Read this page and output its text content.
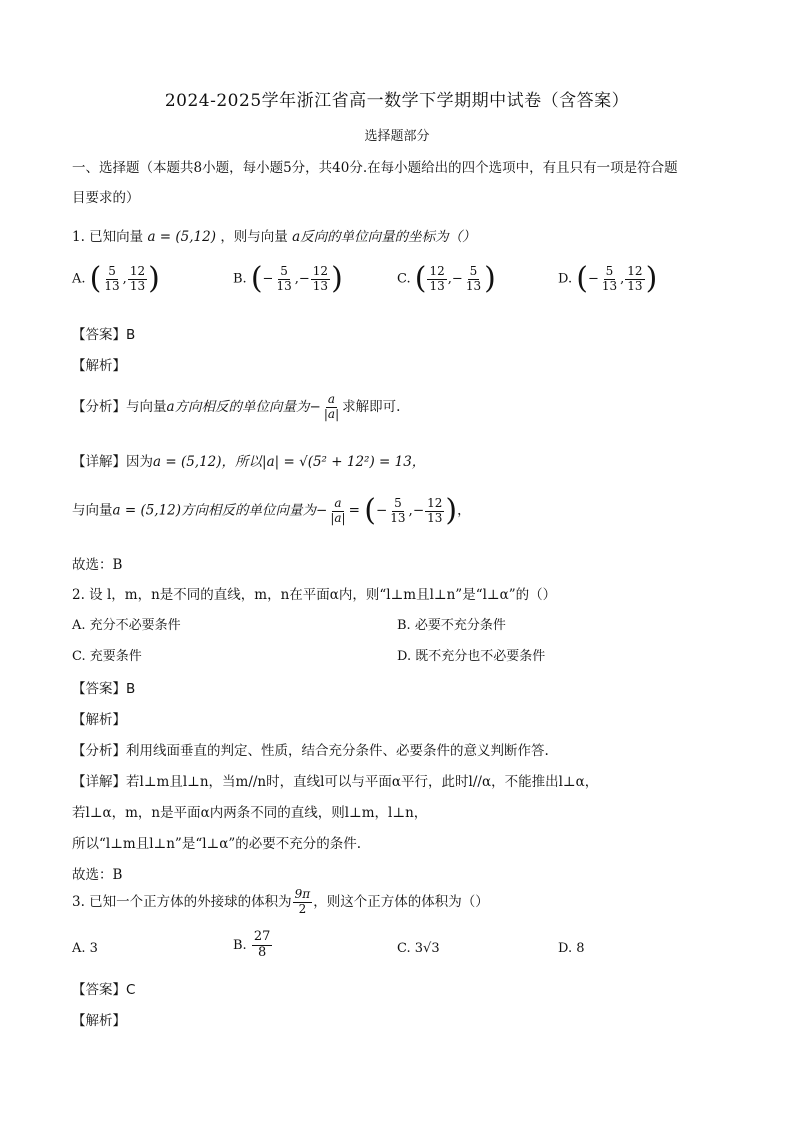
2024-2025学年浙江省高一数学下学期期中试卷（含答案）
选择题部分
一、选择题（本题共8小题，每小题5分，共40分.在每小题给出的四个选项中，有且只有一项是符合题
目要求的）
1. 已知向量 a = (5,12) ，则与向量 a反向的单位向量的坐标为（）
A. ( $\frac{5}{13}$ , $\frac{12}{13}$ )	B. (− $\frac{5}{13}$ ,− $\frac{12}{13}$ )	C. ( $\frac{12}{13}$ ,− $\frac{5}{13}$ )	D. (− $\frac{5}{13}$ , $\frac{12}{13}$ )
【答案】B
【解析】
【分析】与向量a方向相反的单位向量为− $\frac{a}{|a|}$ 求解即可.
【详解】因为a = (5,12)，所以|a| = √(5² + 12²) = 13，
与向量a = (5,12)方向相反的单位向量为− $\frac{a}{|a|}$ = (− $\frac{5}{13}$ ,− $\frac{12}{13}$ )，
故选：B
2. 设 l，m，n是不同的直线，m，n在平面α内，则“l⊥m且l⊥n”是“l⊥α”的（）
A. 充分不必要条件	B. 必要不充分条件
C. 充要条件	D. 既不充分也不必要条件
【答案】B
【解析】
【分析】利用线面垂直的判定、性质，结合充分条件、必要条件的意义判断作答.
【详解】若l⊥m且l⊥n，当m//n时，直线l可以与平面α平行，此时l//α，不能推出l⊥α，
若l⊥α，m，n是平面α内两条不同的直线，则l⊥m，l⊥n，
所以“l⊥m且l⊥n”是“l⊥α”的必要不充分的条件.
故选：B
3. 已知一个正方体的外接球的体积为 $\frac{9\pi}{2}$ ，则这个正方体的体积为（）
A. 3	B. $\frac{27}{8}$	C. 3√3	D. 8
【答案】C
【解析】
